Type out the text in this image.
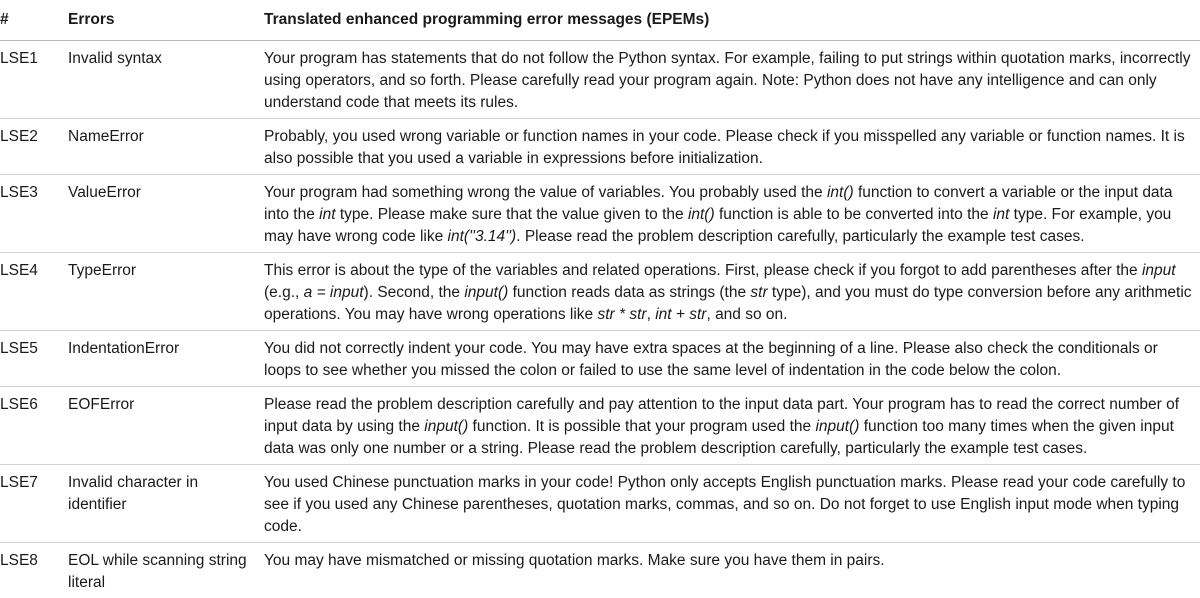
#	Errors	Translated enhanced programming error messages (EPEMs)
LSE1	Invalid syntax	Your program has statements that do not follow the Python syntax. For example, failing to put strings within quotation marks, incorrectly using operators, and so forth. Please carefully read your program again. Note: Python does not have any intelligence and can only understand code that meets its rules.
LSE2	NameError	Probably, you used wrong variable or function names in your code. Please check if you misspelled any variable or function names. It is also possible that you used a variable in expressions before initialization.
LSE3	ValueError	Your program had something wrong the value of variables. You probably used the int() function to convert a variable or the input data into the int type. Please make sure that the value given to the int() function is able to be converted into the int type. For example, you may have wrong code like int(''3.14''). Please read the problem description carefully, particularly the example test cases.
LSE4	TypeError	This error is about the type of the variables and related operations. First, please check if you forgot to add parentheses after the input (e.g., a = input). Second, the input() function reads data as strings (the str type), and you must do type conversion before any arithmetic operations. You may have wrong operations like str * str, int + str, and so on.
LSE5	IndentationError	You did not correctly indent your code. You may have extra spaces at the beginning of a line. Please also check the conditionals or loops to see whether you missed the colon or failed to use the same level of indentation in the code below the colon.
LSE6	EOFError	Please read the problem description carefully and pay attention to the input data part. Your program has to read the correct number of input data by using the input() function. It is possible that your program used the input() function too many times when the given input data was only one number or a string. Please read the problem description carefully, particularly the example test cases.
LSE7	Invalid character in identifier	You used Chinese punctuation marks in your code! Python only accepts English punctuation marks. Please read your code carefully to see if you used any Chinese parentheses, quotation marks, commas, and so on. Do not forget to use English input mode when typing code.
LSE8	EOL while scanning string literal	You may have mismatched or missing quotation marks. Make sure you have them in pairs.
